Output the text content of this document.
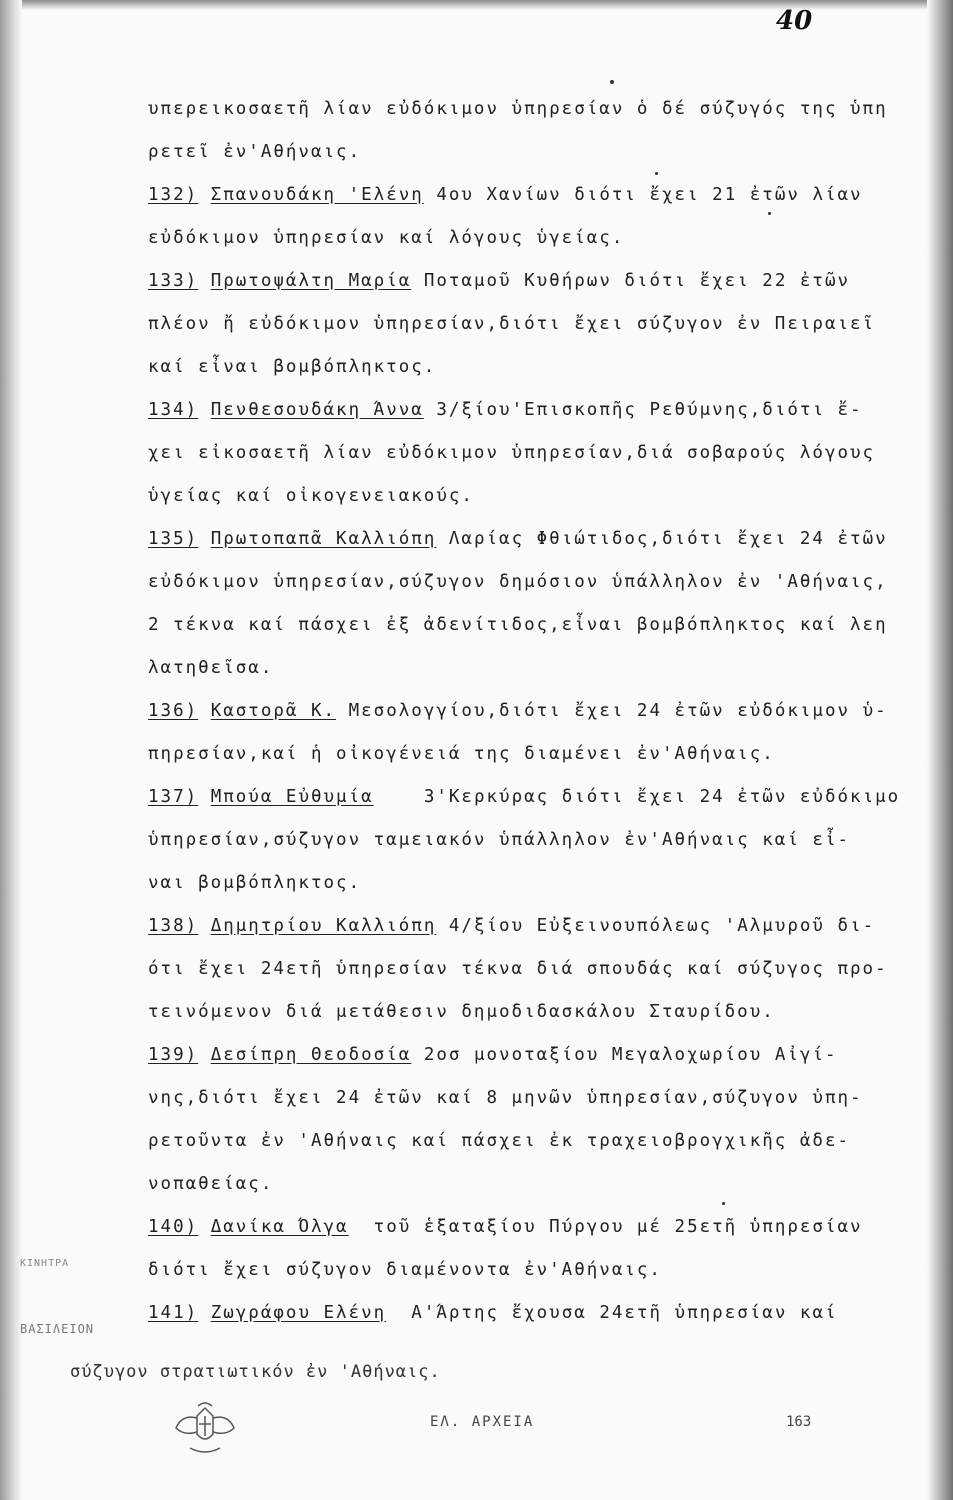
40
υπερεικοσαετῆ λίαν εὐδόκιμον ὑπηρεσίαν ὁ δέ σύζυγός της ὑπη
ρετεῖ ἐν'Αθήναις.
132) Σπανουδάκη 'Ελένη 4ου Χανίων διότι ἔχει 21 ἐτῶν λίαν
εὐδόκιμον ὑπηρεσίαν καί λόγους ὑγείας.
133) Πρωτοψάλτη Μαρία Ποταμοῦ Κυθήρων διότι ἔχει 22 ἐτῶν
πλέον ἤ εὐδόκιμον ὑπηρεσίαν,διότι ἔχει σύζυγον ἐν Πειραιεῖ
καί εἶναι βομβόπληκτος.
134) Πενθεσουδάκη Άννα 3/ξίου'Επισκοπῆς Ρεθύμνης,διότι ἔ-
χει εἰκοσαετῆ λίαν εὐδόκιμον ὑπηρεσίαν,διά σοβαρούς λόγους
ὑγείας καί οἰκογενειακούς.
135) Πρωτοπαπᾶ Καλλιόπη Λαρίας Φθιώτιδος,διότι ἔχει 24 ἐτῶν
εὐδόκιμον ὑπηρεσίαν,σύζυγον δημόσιον ὑπάλληλον ἐν 'Αθήναις,
2 τέκνα καί πάσχει ἐξ ἀδενίτιδος,εἶναι βομβόπληκτος καί λεη
λατηθεῖσα.
136) Καστορᾶ Κ. Μεσολογγίου,διότι ἔχει 24 ἐτῶν εὐδόκιμον ὑ-
πηρεσίαν,καί ἡ οἰκογένειά της διαμένει ἐν'Αθήναις.
137) Μπούα Εὐθυμία    3'Κερκύρας διότι ἔχει 24 ἐτῶν εὐδόκιμο
ὑπηρεσίαν,σύζυγον ταμειακόν ὑπάλληλον ἐν'Αθήναις καί εἶ-
ναι βομβόπληκτος.
138) Δημητρίου Καλλιόπη 4/ξίου Εὐξεινουπόλεως 'Αλμυροῦ δι-
ότι ἔχει 24ετῆ ὑπηρεσίαν τέκνα διά σπουδάς καί σύζυγος προ-
τεινόμενον διά μετάθεσιν δημοδιδασκάλου Σταυρίδου.
139) Δεσίπρη Θεοδοσία 2οσ μονοταξίου Μεγαλοχωρίου Αἰγί-
νης,διότι ἔχει 24 ἐτῶν καί 8 μηνῶν ὑπηρεσίαν,σύζυγον ὑπη-
ρετοῦντα ἐν 'Αθήναις καί πάσχει ἐκ τραχειοβρογχικῆς ἀδε-
νοπαθείας.
140) Δανίκα Όλγα  τοῦ ἑξαταξίου Πύργου μέ 25ετῆ ὑπηρεσίαν
διότι ἔχει σύζυγον διαμένοντα ἐν'Αθήναις.
141) Ζωγράφου Ελένη  Α'Άρτης ἔχουσα 24ετῆ ὑπηρεσίαν καί
ΚΙΝΗΤΡΑ
ΒΑΣΙΛΕΙΟΝ
σύζυγον στρατιωτικόν ἐν 'Αθήναις.
ΕΛ. ΑΡΧΕΙΑ	163
